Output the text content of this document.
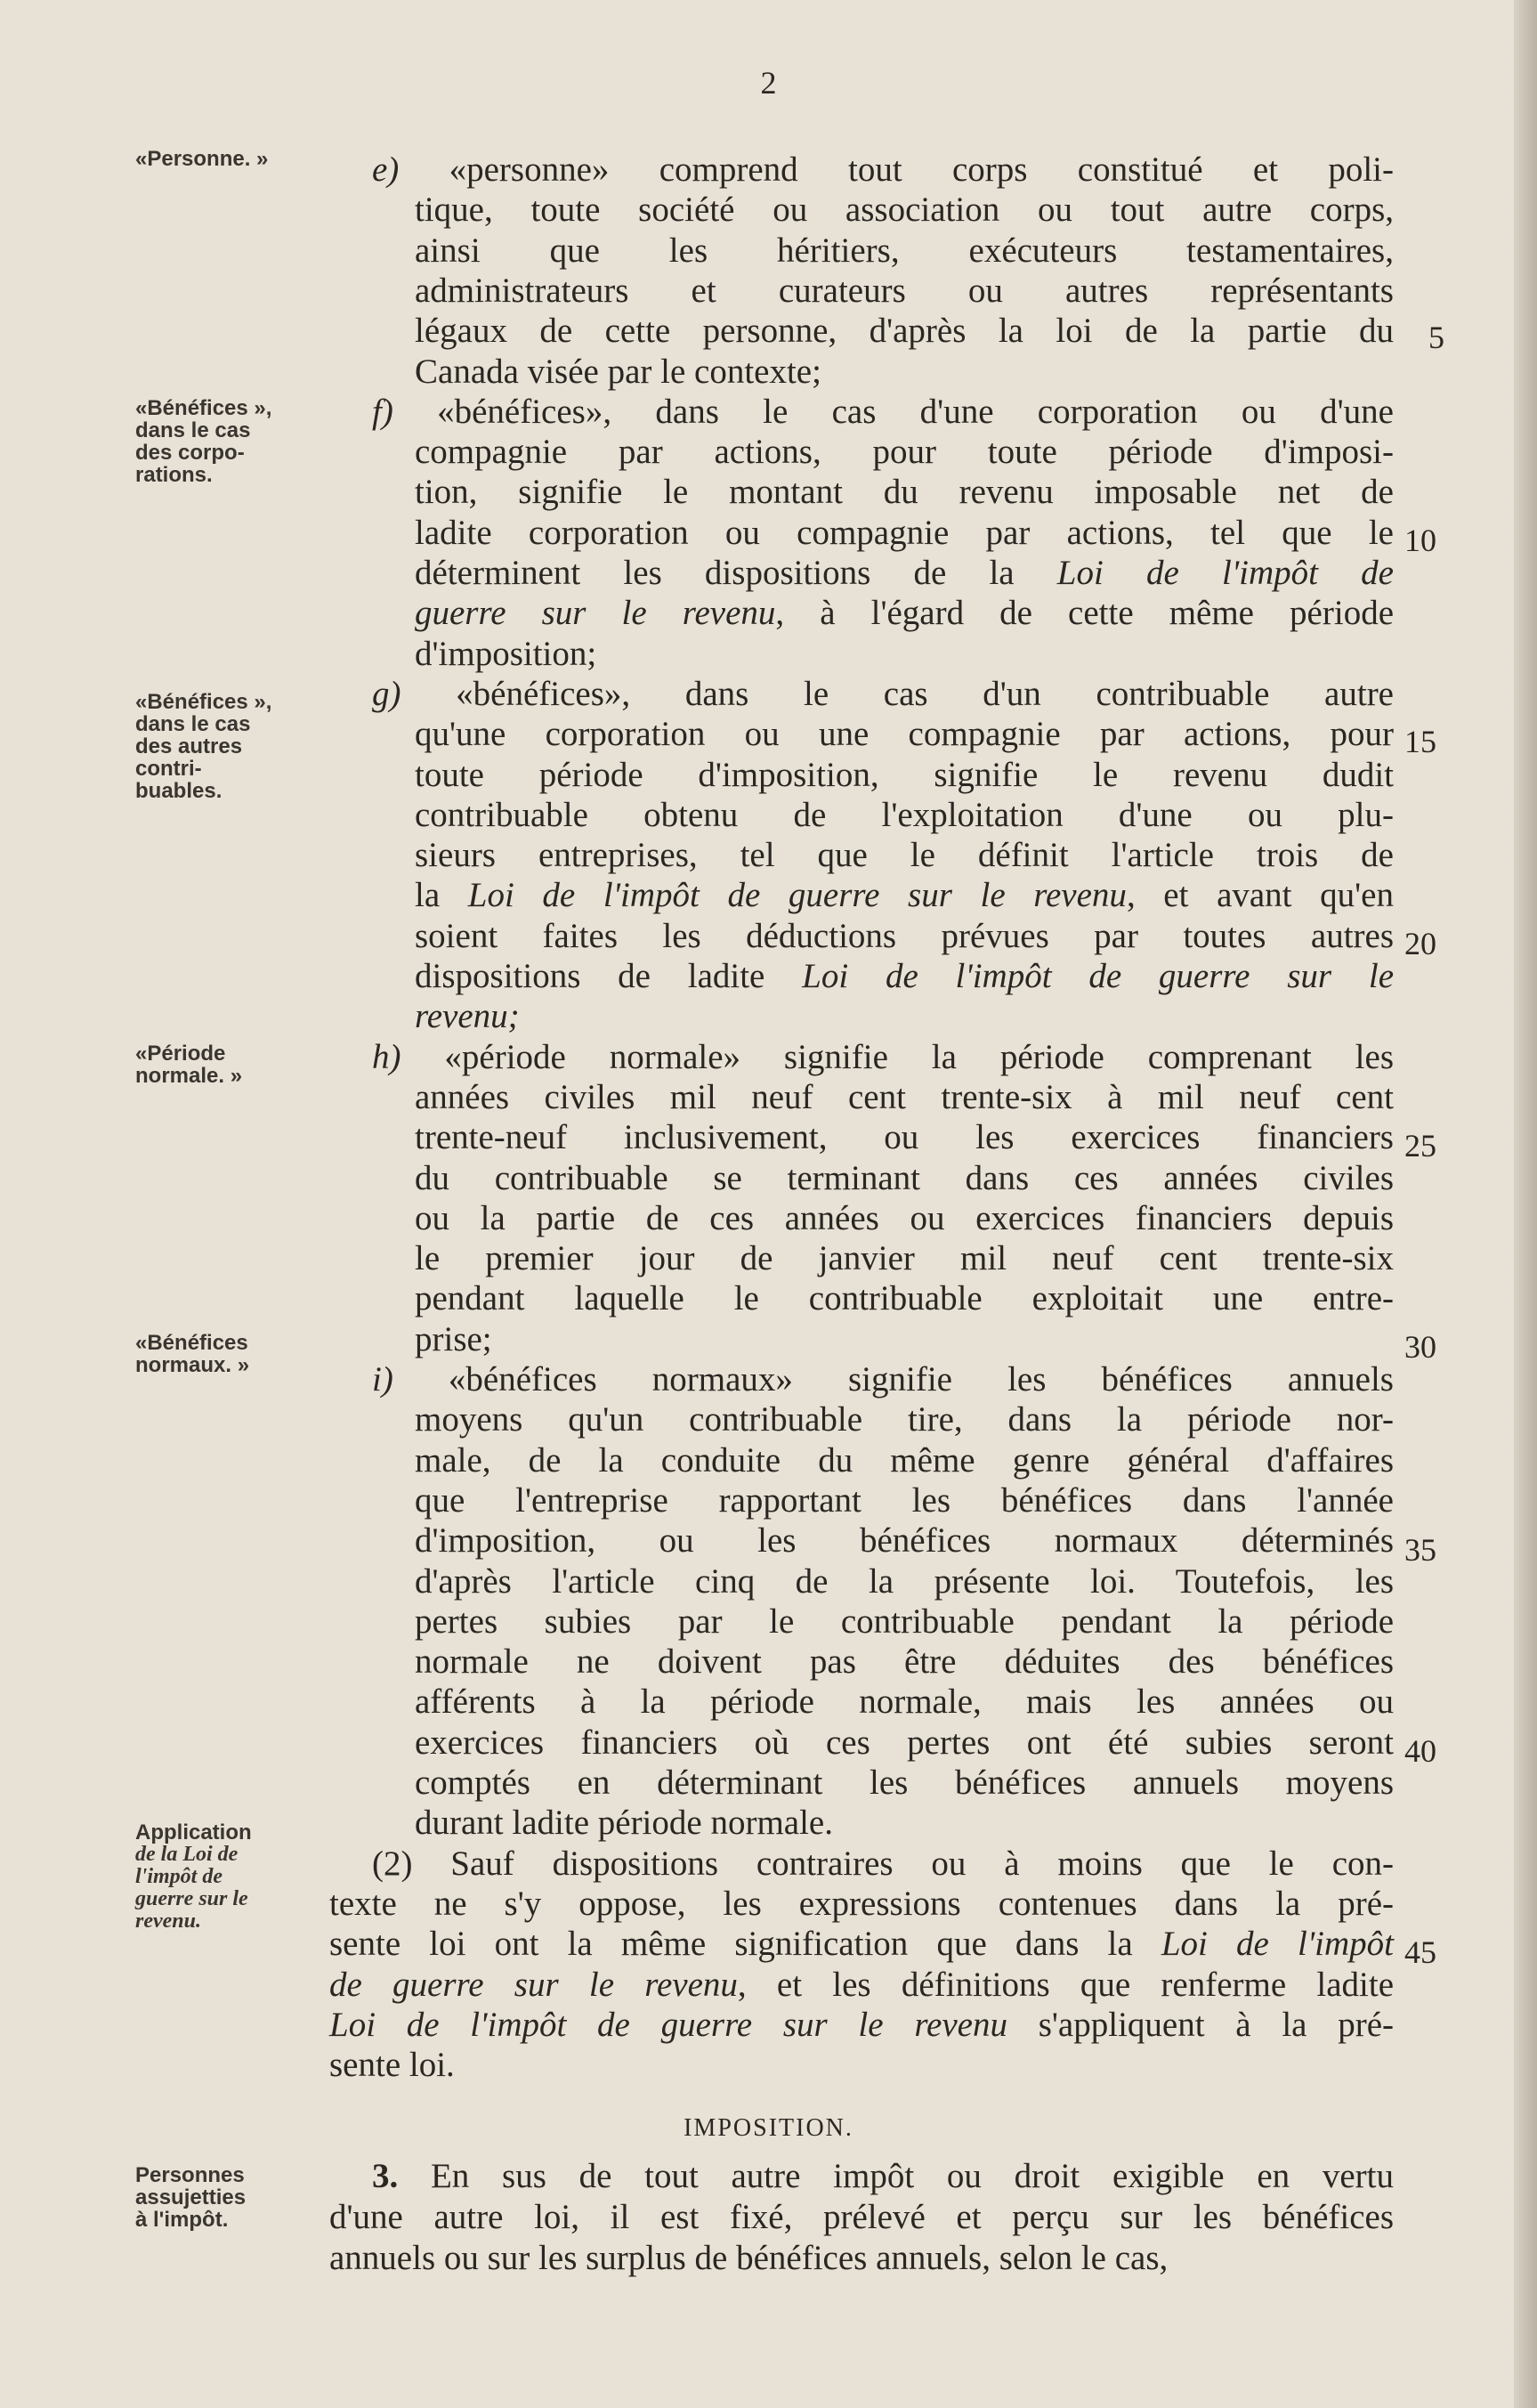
2
«Personne. »
«Bénéfices »,
dans le cas
des corpo-
rations.
«Bénéfices »,
dans le cas
des autres
contri-
buables.
«Période
normale. »
«Bénéfices
normaux. »
Application
de la Loi de
l'impôt de
guerre sur le
revenu.
Personnes
assujetties
à l'impôt.
5
10
15
20
25
30
35
40
45
IMPOSITION.
e) «personne» comprend tout corps constitué et poli-
tique, toute société ou association ou tout autre corps,
ainsi que les héritiers, exécuteurs testamentaires,
administrateurs et curateurs ou autres représentants
légaux de cette personne, d'après la loi de la partie du
Canada visée par le contexte;
f) «bénéfices», dans le cas d'une corporation ou d'une
compagnie par actions, pour toute période d'imposi-
tion, signifie le montant du revenu imposable net de
ladite corporation ou compagnie par actions, tel que le
déterminent les dispositions de la Loi de l'impôt de
guerre sur le revenu, à l'égard de cette même période
d'imposition;
g) «bénéfices», dans le cas d'un contribuable autre
qu'une corporation ou une compagnie par actions, pour
toute période d'imposition, signifie le revenu dudit
contribuable obtenu de l'exploitation d'une ou plu-
sieurs entreprises, tel que le définit l'article trois de
la Loi de l'impôt de guerre sur le revenu, et avant qu'en
soient faites les déductions prévues par toutes autres
dispositions de ladite Loi de l'impôt de guerre sur le
revenu;
h) «période normale» signifie la période comprenant les
années civiles mil neuf cent trente-six à mil neuf cent
trente-neuf inclusivement, ou les exercices financiers
du contribuable se terminant dans ces années civiles
ou la partie de ces années ou exercices financiers depuis
le premier jour de janvier mil neuf cent trente-six
pendant laquelle le contribuable exploitait une entre-
prise;
i) «bénéfices normaux» signifie les bénéfices annuels
moyens qu'un contribuable tire, dans la période nor-
male, de la conduite du même genre général d'affaires
que l'entreprise rapportant les bénéfices dans l'année
d'imposition, ou les bénéfices normaux déterminés
d'après l'article cinq de la présente loi. Toutefois, les
pertes subies par le contribuable pendant la période
normale ne doivent pas être déduites des bénéfices
afférents à la période normale, mais les années ou
exercices financiers où ces pertes ont été subies seront
comptés en déterminant les bénéfices annuels moyens
durant ladite période normale.
(2) Sauf dispositions contraires ou à moins que le con-
texte ne s'y oppose, les expressions contenues dans la pré-
sente loi ont la même signification que dans la Loi de l'impôt
de guerre sur le revenu, et les définitions que renferme ladite
Loi de l'impôt de guerre sur le revenu s'appliquent à la pré-
sente loi.
3. En sus de tout autre impôt ou droit exigible en vertu
d'une autre loi, il est fixé, prélevé et perçu sur les bénéfices
annuels ou sur les surplus de bénéfices annuels, selon le cas,
